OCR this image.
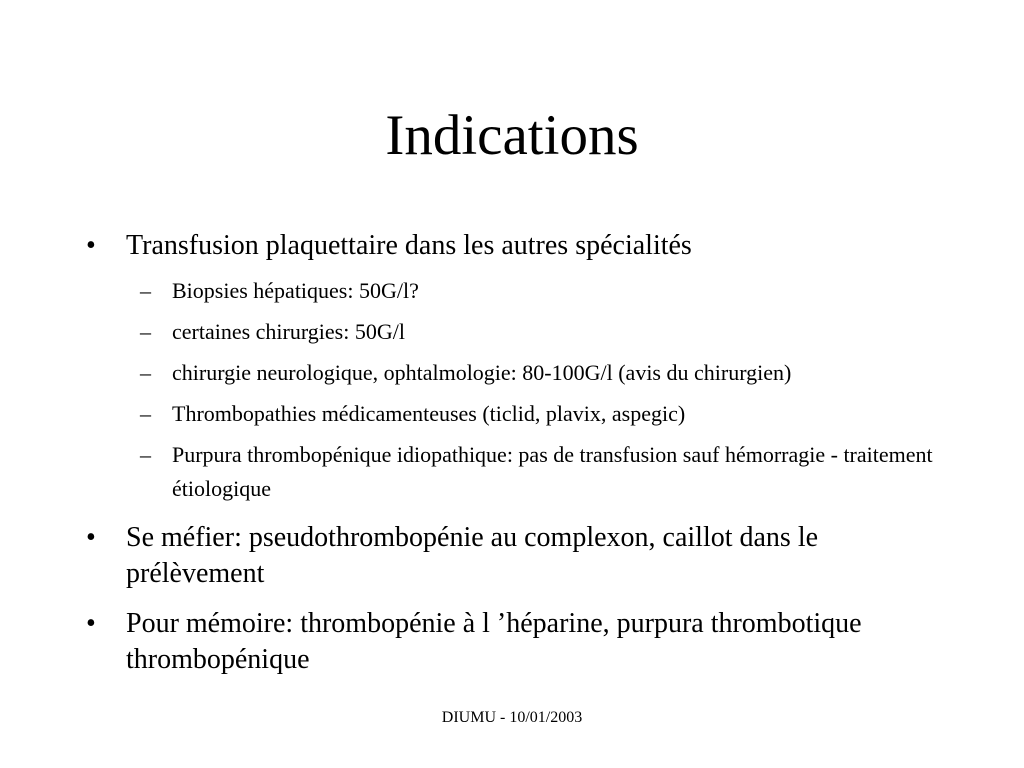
Indications
•	Transfusion plaquettaire dans les autres spécialités
– Biopsies hépatiques: 50G/l?
– certaines chirurgies: 50G/l
– chirurgie neurologique, ophtalmologie: 80-100G/l (avis du chirurgien)
– Thrombopathies médicamenteuses (ticlid, plavix, aspegic)
– Purpura thrombopénique idiopathique: pas de transfusion sauf hémorragie - traitement étiologique
•	Se méfier: pseudothrombopénie au complexon, caillot dans le prélèvement
•	Pour mémoire: thrombopénie à l ’héparine, purpura thrombotique thrombopénique
DIUMU - 10/01/2003
